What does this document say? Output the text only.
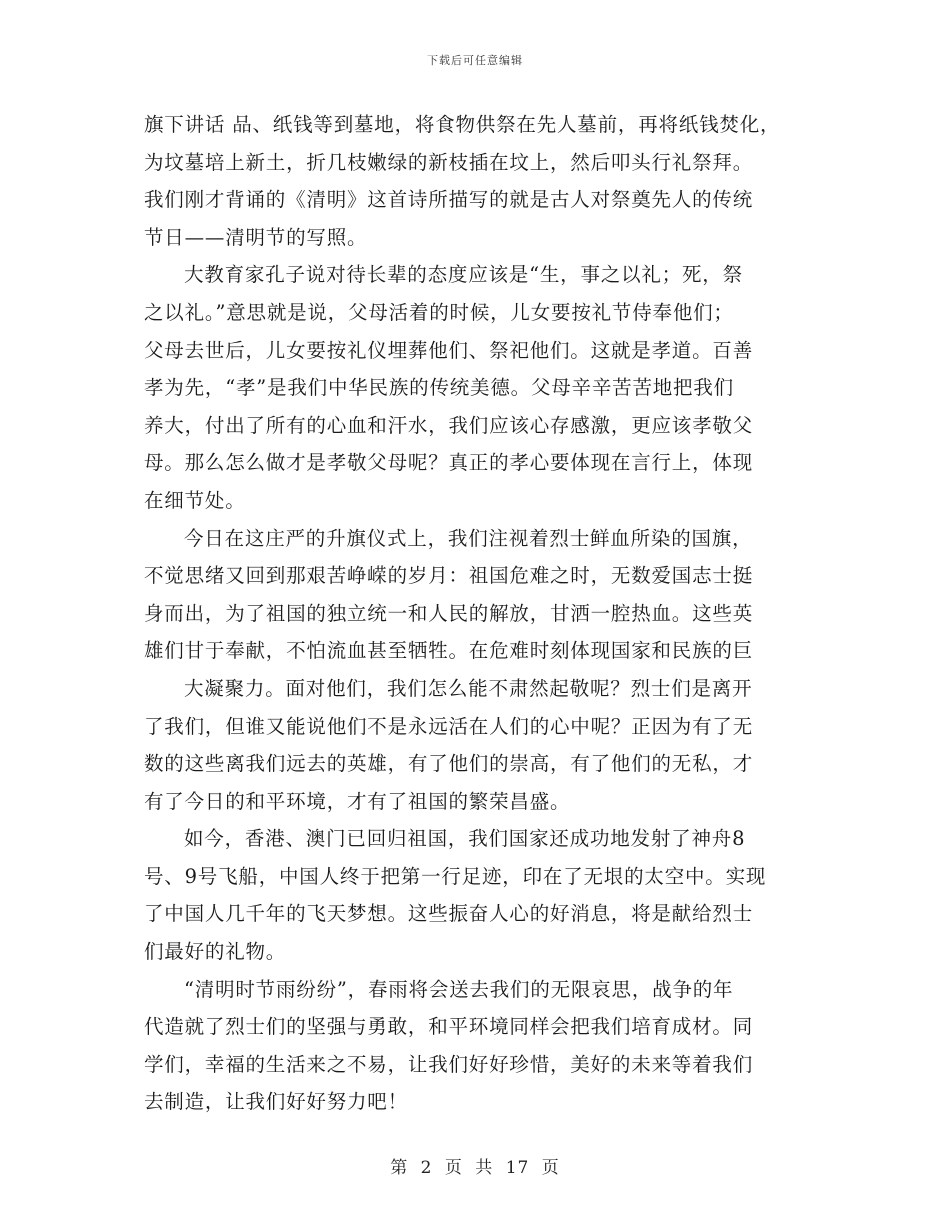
下载后可任意编辑
旗下讲话 品、纸钱等到墓地，将食物供祭在先人墓前，再将纸钱焚化，
为坟墓培上新土，折几枝嫩绿的新枝插在坟上，然后叩头行礼祭拜。
我们刚才背诵的《清明》这首诗所描写的就是古人对祭奠先人的传统
节日——清明节的写照。
大教育家孔子说对待长辈的态度应该是“生，事之以礼；死，祭
之以礼。”意思就是说，父母活着的时候，儿女要按礼节侍奉他们；
父母去世后，儿女要按礼仪埋葬他们、祭祀他们。这就是孝道。百善
孝为先，“孝”是我们中华民族的传统美德。父母辛辛苦苦地把我们
养大，付出了所有的心血和汗水，我们应该心存感激，更应该孝敬父
母。那么怎么做才是孝敬父母呢？真正的孝心要体现在言行上，体现
在细节处。
今日在这庄严的升旗仪式上，我们注视着烈士鲜血所染的国旗，
不觉思绪又回到那艰苦峥嵘的岁月：祖国危难之时，无数爱国志士挺
身而出，为了祖国的独立统一和人民的解放，甘洒一腔热血。这些英
雄们甘于奉献，不怕流血甚至牺牲。在危难时刻体现国家和民族的巨
大凝聚力。面对他们，我们怎么能不肃然起敬呢？烈士们是离开
了我们，但谁又能说他们不是永远活在人们的心中呢？正因为有了无
数的这些离我们远去的英雄，有了他们的崇高，有了他们的无私，才
有了今日的和平环境，才有了祖国的繁荣昌盛。
如今，香港、澳门已回归祖国，我们国家还成功地发射了神舟8
号、9号飞船，中国人终于把第一行足迹，印在了无垠的太空中。实现
了中国人几千年的飞天梦想。这些振奋人心的好消息，将是献给烈士
们最好的礼物。
“清明时节雨纷纷”，春雨将会送去我们的无限哀思，战争的年
代造就了烈士们的坚强与勇敢，和平环境同样会把我们培育成材。同
学们，幸福的生活来之不易，让我们好好珍惜，美好的未来等着我们
去制造，让我们好好努力吧！
第 2 页 共 17 页
